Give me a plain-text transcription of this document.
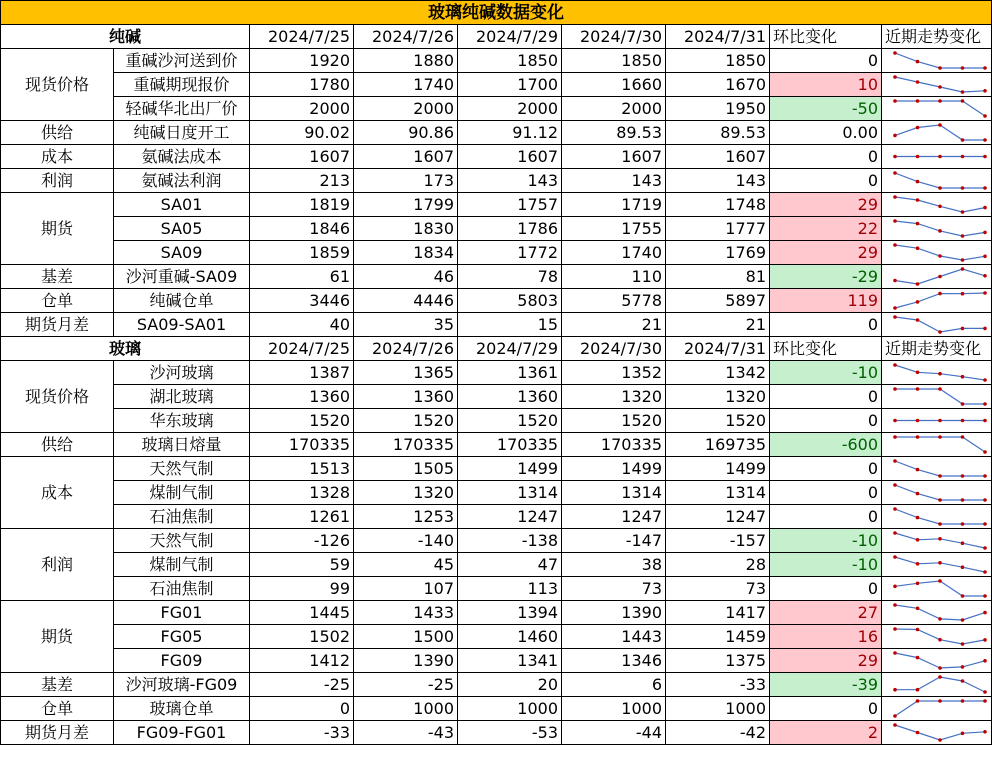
玻璃纯碱数据变化								
纯碱		2024/7/25	2024/7/26	2024/7/29	2024/7/30	2024/7/31	环比变化	近期走势变化
现货价格	重碱沙河送到价	1920	1880	1850	1850	1850	0	

	重碱期现报价	1780	1740	1700	1660	1670	10	

	轻碱华北出厂价	2000	2000	2000	2000	1950	-50	

供给	纯碱日度开工	90.02	90.86	91.12	89.53	89.53	0.00	

成本	氨碱法成本	1607	1607	1607	1607	1607	0	

利润	氨碱法利润	213	173	143	143	143	0	

期货	SA01	1819	1799	1757	1719	1748	29	

	SA05	1846	1830	1786	1755	1777	22	

	SA09	1859	1834	1772	1740	1769	29	

基差	沙河重碱-SA09	61	46	78	110	81	-29	

仓单	纯碱仓单	3446	4446	5803	5778	5897	119	

期货月差	SA09-SA01	40	35	15	21	21	0	

玻璃		2024/7/25	2024/7/26	2024/7/29	2024/7/30	2024/7/31	环比变化	近期走势变化
现货价格	沙河玻璃	1387	1365	1361	1352	1342	-10	

	湖北玻璃	1360	1360	1360	1320	1320	0	

	华东玻璃	1520	1520	1520	1520	1520	0	

供给	玻璃日熔量	170335	170335	170335	170335	169735	-600	

成本	天然气制	1513	1505	1499	1499	1499	0	

	煤制气制	1328	1320	1314	1314	1314	0	

	石油焦制	1261	1253	1247	1247	1247	0	

利润	天然气制	-126	-140	-138	-147	-157	-10	

	煤制气制	59	45	47	38	28	-10	

	石油焦制	99	107	113	73	73	0	

期货	FG01	1445	1433	1394	1390	1417	27	

	FG05	1502	1500	1460	1443	1459	16	

	FG09	1412	1390	1341	1346	1375	29	

基差	沙河玻璃-FG09	-25	-25	20	6	-33	-39	

仓单	玻璃仓单	0	1000	1000	1000	1000	0	

期货月差	FG09-FG01	-33	-43	-53	-44	-42	2	
